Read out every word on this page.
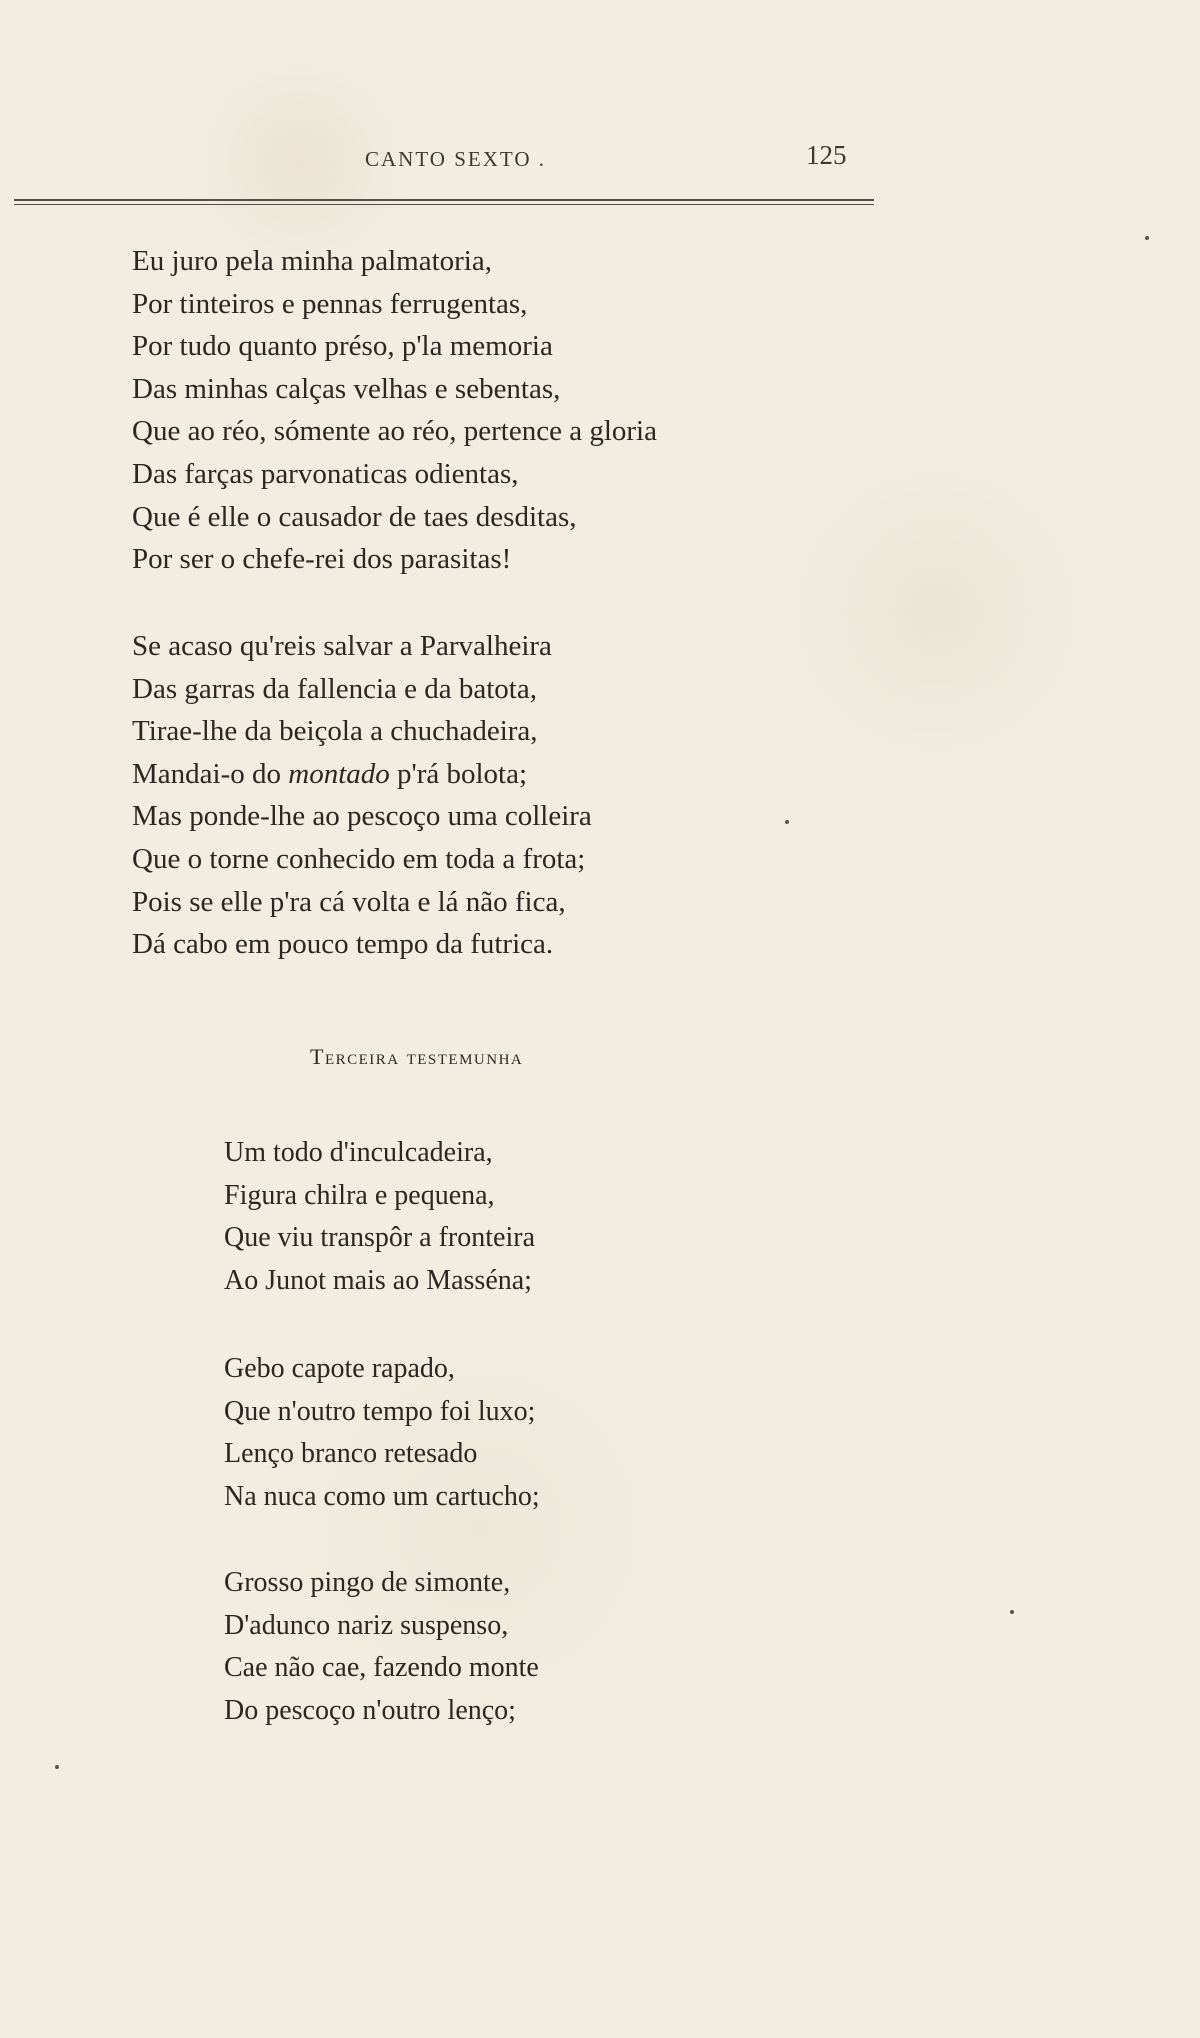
CANTO SEXTO .	125
Eu juro pela minha palmatoria,
Por tinteiros e pennas ferrugentas,
Por tudo quanto préso, p'la memoria
Das minhas calças velhas e sebentas,
Que ao réo, sómente ao réo, pertence a gloria
Das farças parvonaticas odientas,
Que é elle o causador de taes desditas,
Por ser o chefe-rei dos parasitas!
Se acaso qu'reis salvar a Parvalheira
Das garras da fallencia e da batota,
Tirae-lhe da beiçola a chuchadeira,
Mandai-o do montado p'rá bolota;
Mas ponde-lhe ao pescoço uma colleira
Que o torne conhecido em toda a frota;
Pois se elle p'ra cá volta e lá não fica,
Dá cabo em pouco tempo da futrica.
Terceira testemunha
Um todo d'inculcadeira,
Figura chilra e pequena,
Que viu transpôr a fronteira
Ao Junot mais ao Masséna;
Gebo capote rapado,
Que n'outro tempo foi luxo;
Lenço branco retesado
Na nuca como um cartucho;
Grosso pingo de simonte,
D'adunco nariz suspenso,
Cae não cae, fazendo monte
Do pescoço n'outro lenço;
